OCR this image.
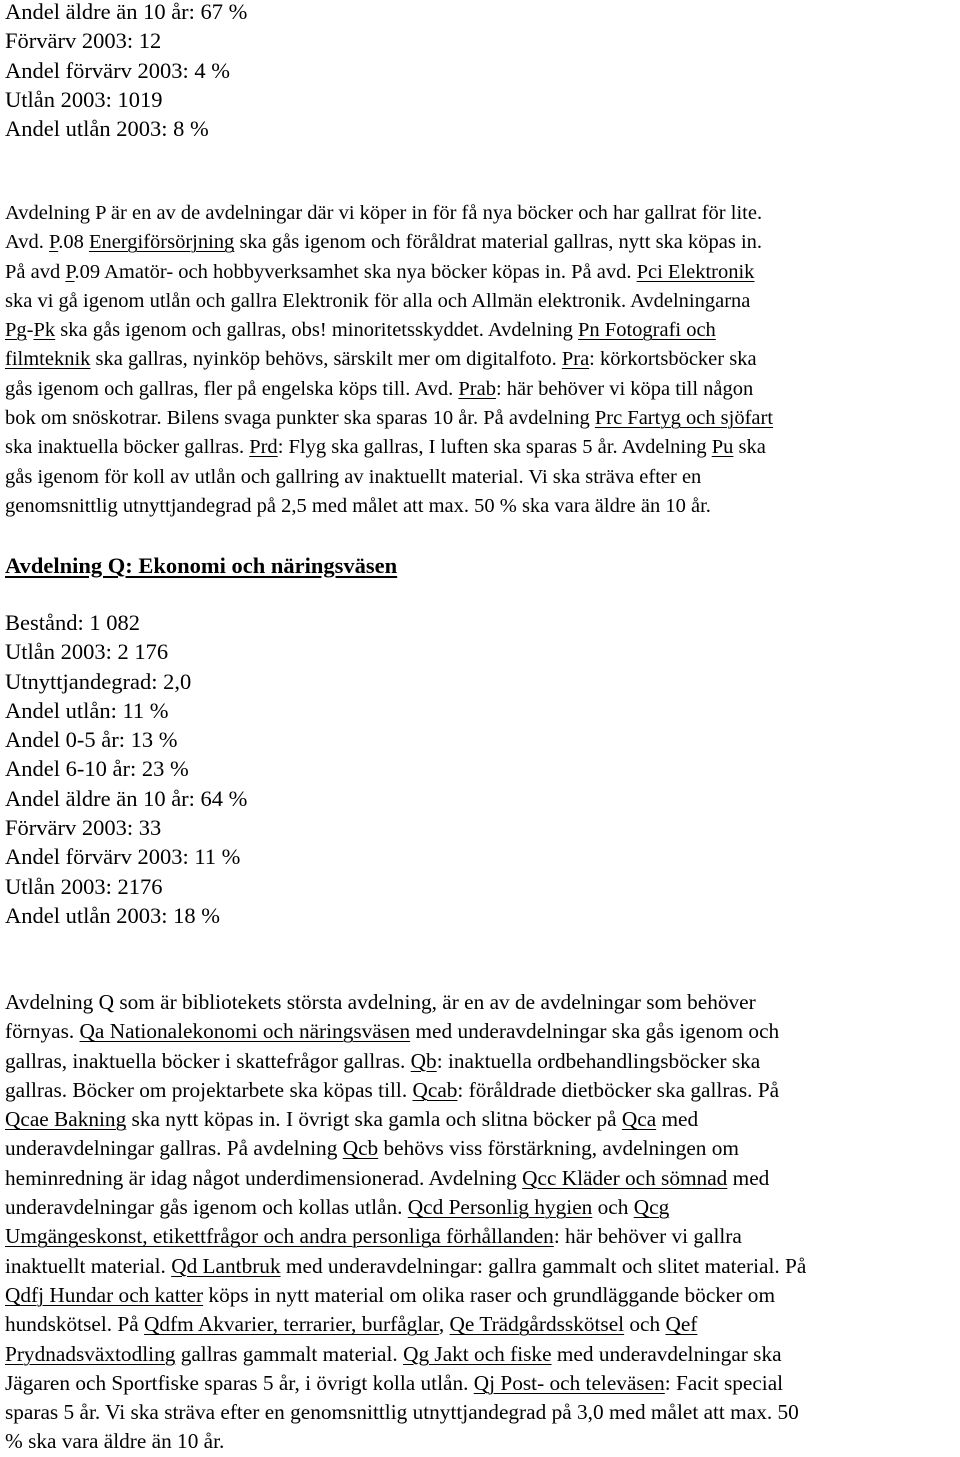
Andel äldre än 10 år: 67 %
Förvärv 2003: 12
Andel förvärv 2003: 4 %
Utlån 2003: 1019
Andel utlån 2003: 8 %
Avdelning P är en av de avdelningar där vi köper in för få nya böcker och har gallrat för lite.
Avd. P.08 Energiförsörjning ska gås igenom och föråldrat material gallras, nytt ska köpas in.
På avd P.09 Amatör- och hobbyverksamhet ska nya böcker köpas in. På avd. Pci Elektronik
ska vi gå igenom utlån och gallra Elektronik för alla och Allmän elektronik. Avdelningarna
Pg-Pk ska gås igenom och gallras, obs! minoritetsskyddet. Avdelning Pn Fotografi och
filmteknik ska gallras, nyinköp behövs, särskilt mer om digitalfoto. Pra: körkortsböcker ska
gås igenom och gallras, fler på engelska köps till. Avd. Prab: här behöver vi köpa till någon
bok om snöskotrar. Bilens svaga punkter ska sparas 10 år. På avdelning Prc Fartyg och sjöfart
ska inaktuella böcker gallras. Prd: Flyg ska gallras, I luften ska sparas 5 år. Avdelning Pu ska
gås igenom för koll av utlån och gallring av inaktuellt material. Vi ska sträva efter en
genomsnittlig utnyttjandegrad på 2,5 med målet att max. 50 % ska vara äldre än 10 år.
Avdelning Q: Ekonomi och näringsväsen
Bestånd: 1 082
Utlån 2003: 2 176
Utnyttjandegrad: 2,0
Andel utlån: 11 %
Andel 0-5 år: 13 %
Andel 6-10 år: 23 %
Andel äldre än 10 år: 64 %
Förvärv 2003: 33
Andel förvärv 2003: 11 %
Utlån 2003: 2176
Andel utlån 2003: 18 %
Avdelning Q som är bibliotekets största avdelning, är en av de avdelningar som behöver
förnyas. Qa Nationalekonomi och näringsväsen med underavdelningar ska gås igenom och
gallras, inaktuella böcker i skattefrågor gallras. Qb: inaktuella ordbehandlingsböcker ska
gallras. Böcker om projektarbete ska köpas till. Qcab: föråldrade dietböcker ska gallras. På
Qcae Bakning ska nytt köpas in. I övrigt ska gamla och slitna böcker på Qca med
underavdelningar gallras. På avdelning Qcb behövs viss förstärkning, avdelningen om
heminredning är idag något underdimensionerad. Avdelning Qcc Kläder och sömnad med
underavdelningar gås igenom och kollas utlån. Qcd Personlig hygien och Qcg
Umgängeskonst, etikettfrågor och andra personliga förhållanden: här behöver vi gallra
inaktuellt material. Qd Lantbruk med underavdelningar: gallra gammalt och slitet material. På
Qdfj Hundar och katter köps in nytt material om olika raser och grundläggande böcker om
hundskötsel. På Qdfm Akvarier, terrarier, burfåglar, Qe Trädgårdsskötsel och Qef
Prydnadsväxtodling gallras gammalt material. Qg Jakt och fiske med underavdelningar ska
Jägaren och Sportfiske sparas 5 år, i övrigt kolla utlån. Qj Post- och televäsen: Facit special
sparas 5 år. Vi ska sträva efter en genomsnittlig utnyttjandegrad på 3,0 med målet att max. 50
% ska vara äldre än 10 år.
